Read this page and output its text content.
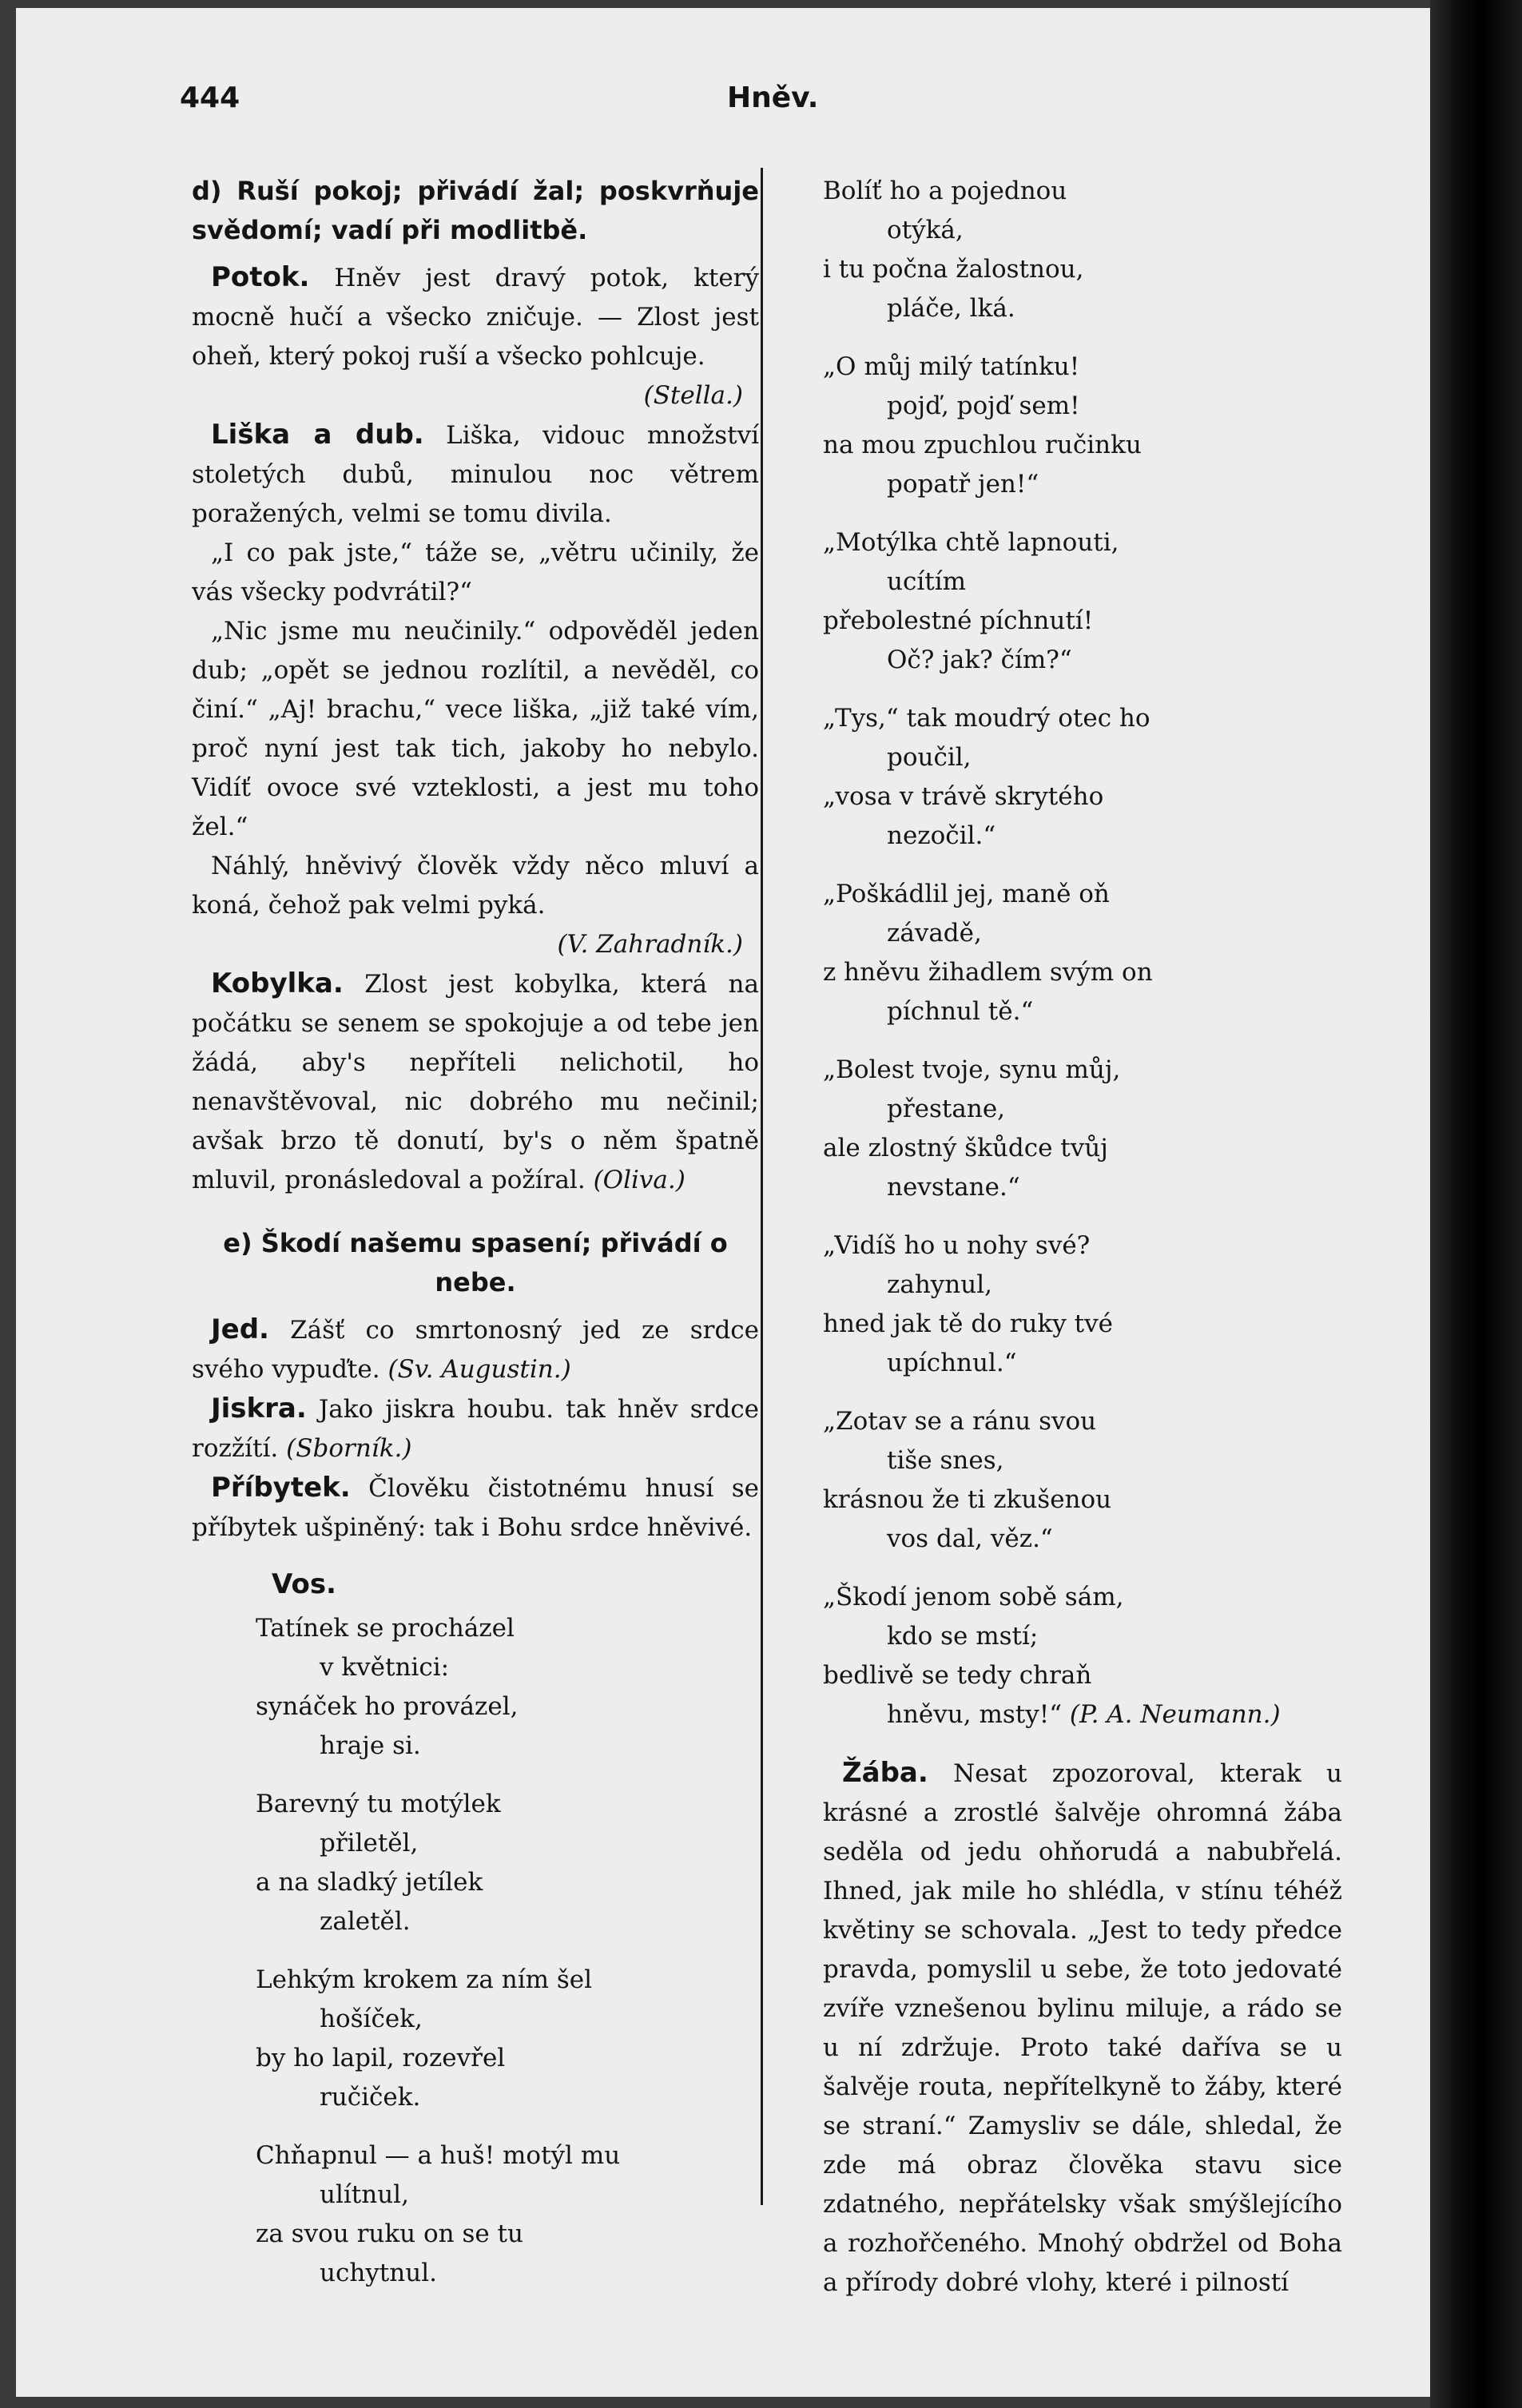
444	Hněv.

d) Ruší pokoj; přivádí žal; poskvrňuje svědomí; vadí při modlitbě.

Potok. Hněv jest dravý potok, který mocně hučí a všecko zničuje. — Zlost jest oheň, který pokoj ruší a všecko pohlcuje.

(Stella.)

Liška a dub. Liška, vidouc množství stoletých dubů, minulou noc větrem poražených, velmi se tomu divila.

„I co pak jste,“ táže se, „větru učinily, že vás všecky podvrátil?“

„Nic jsme mu neučinily.“ odpověděl jeden dub; „opět se jednou rozlítil, a nevěděl, co činí.“ „Aj! brachu,“ vece liška, „již také vím, proč nyní jest tak tich, jakoby ho nebylo. Vidíť ovoce své vzteklosti, a jest mu toho žel.“

Náhlý, hněvivý člověk vždy něco mluví a koná, čehož pak velmi pyká.

(V. Zahradník.)

Kobylka. Zlost jest kobylka, která na počátku se senem se spokojuje a od tebe jen žádá, aby's nepříteli nelichotil, ho nenavštěvoval, nic dobrého mu nečinil; avšak brzo tě donutí, by's o něm špatně mluvil, pronásledoval a požíral. (Oliva.)

e) Škodí našemu spasení; přivádí o nebe.

Jed. Zášť co smrtonosný jed ze srdce svého vypuďte. (Sv. Augustin.)

Jiskra. Jako jiskra houbu. tak hněv srdce rozžítí. (Sborník.)

Příbytek. Člověku čistotnému hnusí se příbytek ušpiněný: tak i Bohu srdce hněvivé.

Vos.
Tatínek se procházel
v květnici:
synáček ho provázel,
hraje si.
Barevný tu motýlek
přiletěl,
a na sladký jetílek
zaletěl.
Lehkým krokem za ním šel
hošíček,
by ho lapil, rozevřel
ručiček.
Chňapnul — a huš! motýl mu
ulítnul,
za svou ruku on se tu
uchytnul.
Bolíť ho a pojednou
otýká,
i tu počna žalostnou,
pláče, lká.
„O můj milý tatínku!
pojď, pojď sem!
na mou zpuchlou ručinku
popatř jen!“
„Motýlka chtě lapnouti,
ucítím
přebolestné píchnutí!
Oč? jak? čím?“
„Tys,“ tak moudrý otec ho
poučil,
„vosa v trávě skrytého
nezočil.“
„Poškádlil jej, maně oň
závadě,
z hněvu žihadlem svým on
píchnul tě.“
„Bolest tvoje, synu můj,
přestane,
ale zlostný škůdce tvůj
nevstane.“
„Vidíš ho u nohy své?
zahynul,
hned jak tě do ruky tvé
upíchnul.“
„Zotav se a ránu svou
tiše snes,
krásnou že ti zkušenou
vos dal, věz.“
„Škodí jenom sobě sám,
kdo se mstí;
bedlivě se tedy chraň
hněvu, msty!“ (P. A. Neumann.)

Žába. Nesat zpozoroval, kterak u krásné a zrostlé šalvěje ohromná žába seděla od jedu ohňorudá a nabubřelá. Ihned, jak mile ho shlédla, v stínu téhéž květiny se schovala. „Jest to tedy předce pravda, pomyslil u sebe, že toto jedovaté zvíře vznešenou bylinu miluje, a rádo se u ní zdržuje. Proto také daříva se u šalvěje routa, nepřítelkyně to žáby, které se straní.“ Zamysliv se dále, shledal, že zde má obraz člověka stavu sice zdatného, nepřátelsky však smýšlejícího a rozhořčeného. Mnohý obdržel od Boha a přírody dobré vlohy, které i pilností
